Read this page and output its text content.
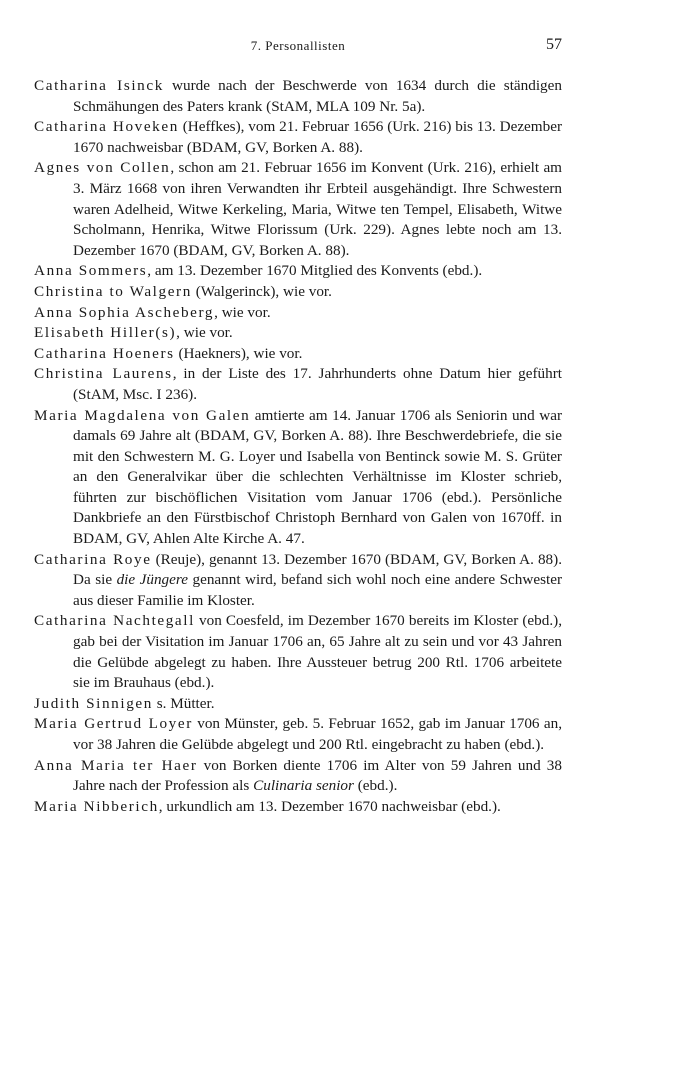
7. Personallisten	57

Catharina Isinck wurde nach der Beschwerde von 1634 durch die ständigen Schmähungen des Paters krank (StAM, MLA 109 Nr. 5a).

Catharina Hoveken (Heffkes), vom 21. Februar 1656 (Urk. 216) bis 13. Dezember 1670 nachweisbar (BDAM, GV, Borken A. 88).

Agnes von Collen, schon am 21. Februar 1656 im Konvent (Urk. 216), erhielt am 3. März 1668 von ihren Verwandten ihr Erbteil ausgehändigt. Ihre Schwestern waren Adelheid, Witwe Kerkeling, Maria, Witwe ten Tempel, Elisabeth, Witwe Scholmann, Henrika, Witwe Florissum (Urk. 229). Agnes lebte noch am 13. Dezember 1670 (BDAM, GV, Borken A. 88).

Anna Sommers, am 13. Dezember 1670 Mitglied des Konvents (ebd.).

Christina to Walgern (Walgerinck), wie vor.

Anna Sophia Ascheberg, wie vor.

Elisabeth Hiller(s), wie vor.

Catharina Hoeners (Haekners), wie vor.

Christina Laurens, in der Liste des 17. Jahrhunderts ohne Datum hier geführt (StAM, Msc. I 236).

Maria Magdalena von Galen amtierte am 14. Januar 1706 als Seniorin und war damals 69 Jahre alt (BDAM, GV, Borken A. 88). Ihre Beschwerdebriefe, die sie mit den Schwestern M. G. Loyer und Isabella von Bentinck sowie M. S. Grüter an den Generalvikar über die schlechten Verhältnisse im Kloster schrieb, führten zur bischöflichen Visitation vom Januar 1706 (ebd.). Persönliche Dankbriefe an den Fürstbischof Christoph Bernhard von Galen von 1670ff. in BDAM, GV, Ahlen Alte Kirche A. 47.

Catharina Roye (Reuje), genannt 13. Dezember 1670 (BDAM, GV, Borken A. 88). Da sie die Jüngere genannt wird, befand sich wohl noch eine andere Schwester aus dieser Familie im Kloster.

Catharina Nachtegall von Coesfeld, im Dezember 1670 bereits im Kloster (ebd.), gab bei der Visitation im Januar 1706 an, 65 Jahre alt zu sein und vor 43 Jahren die Gelübde abgelegt zu haben. Ihre Aussteuer betrug 200 Rtl. 1706 arbeitete sie im Brauhaus (ebd.).

Judith Sinnigen s. Mütter.

Maria Gertrud Loyer von Münster, geb. 5. Februar 1652, gab im Januar 1706 an, vor 38 Jahren die Gelübde abgelegt und 200 Rtl. eingebracht zu haben (ebd.).

Anna Maria ter Haer von Borken diente 1706 im Alter von 59 Jahren und 38 Jahre nach der Profession als Culinaria senior (ebd.).

Maria Nibberich, urkundlich am 13. Dezember 1670 nachweisbar (ebd.).
